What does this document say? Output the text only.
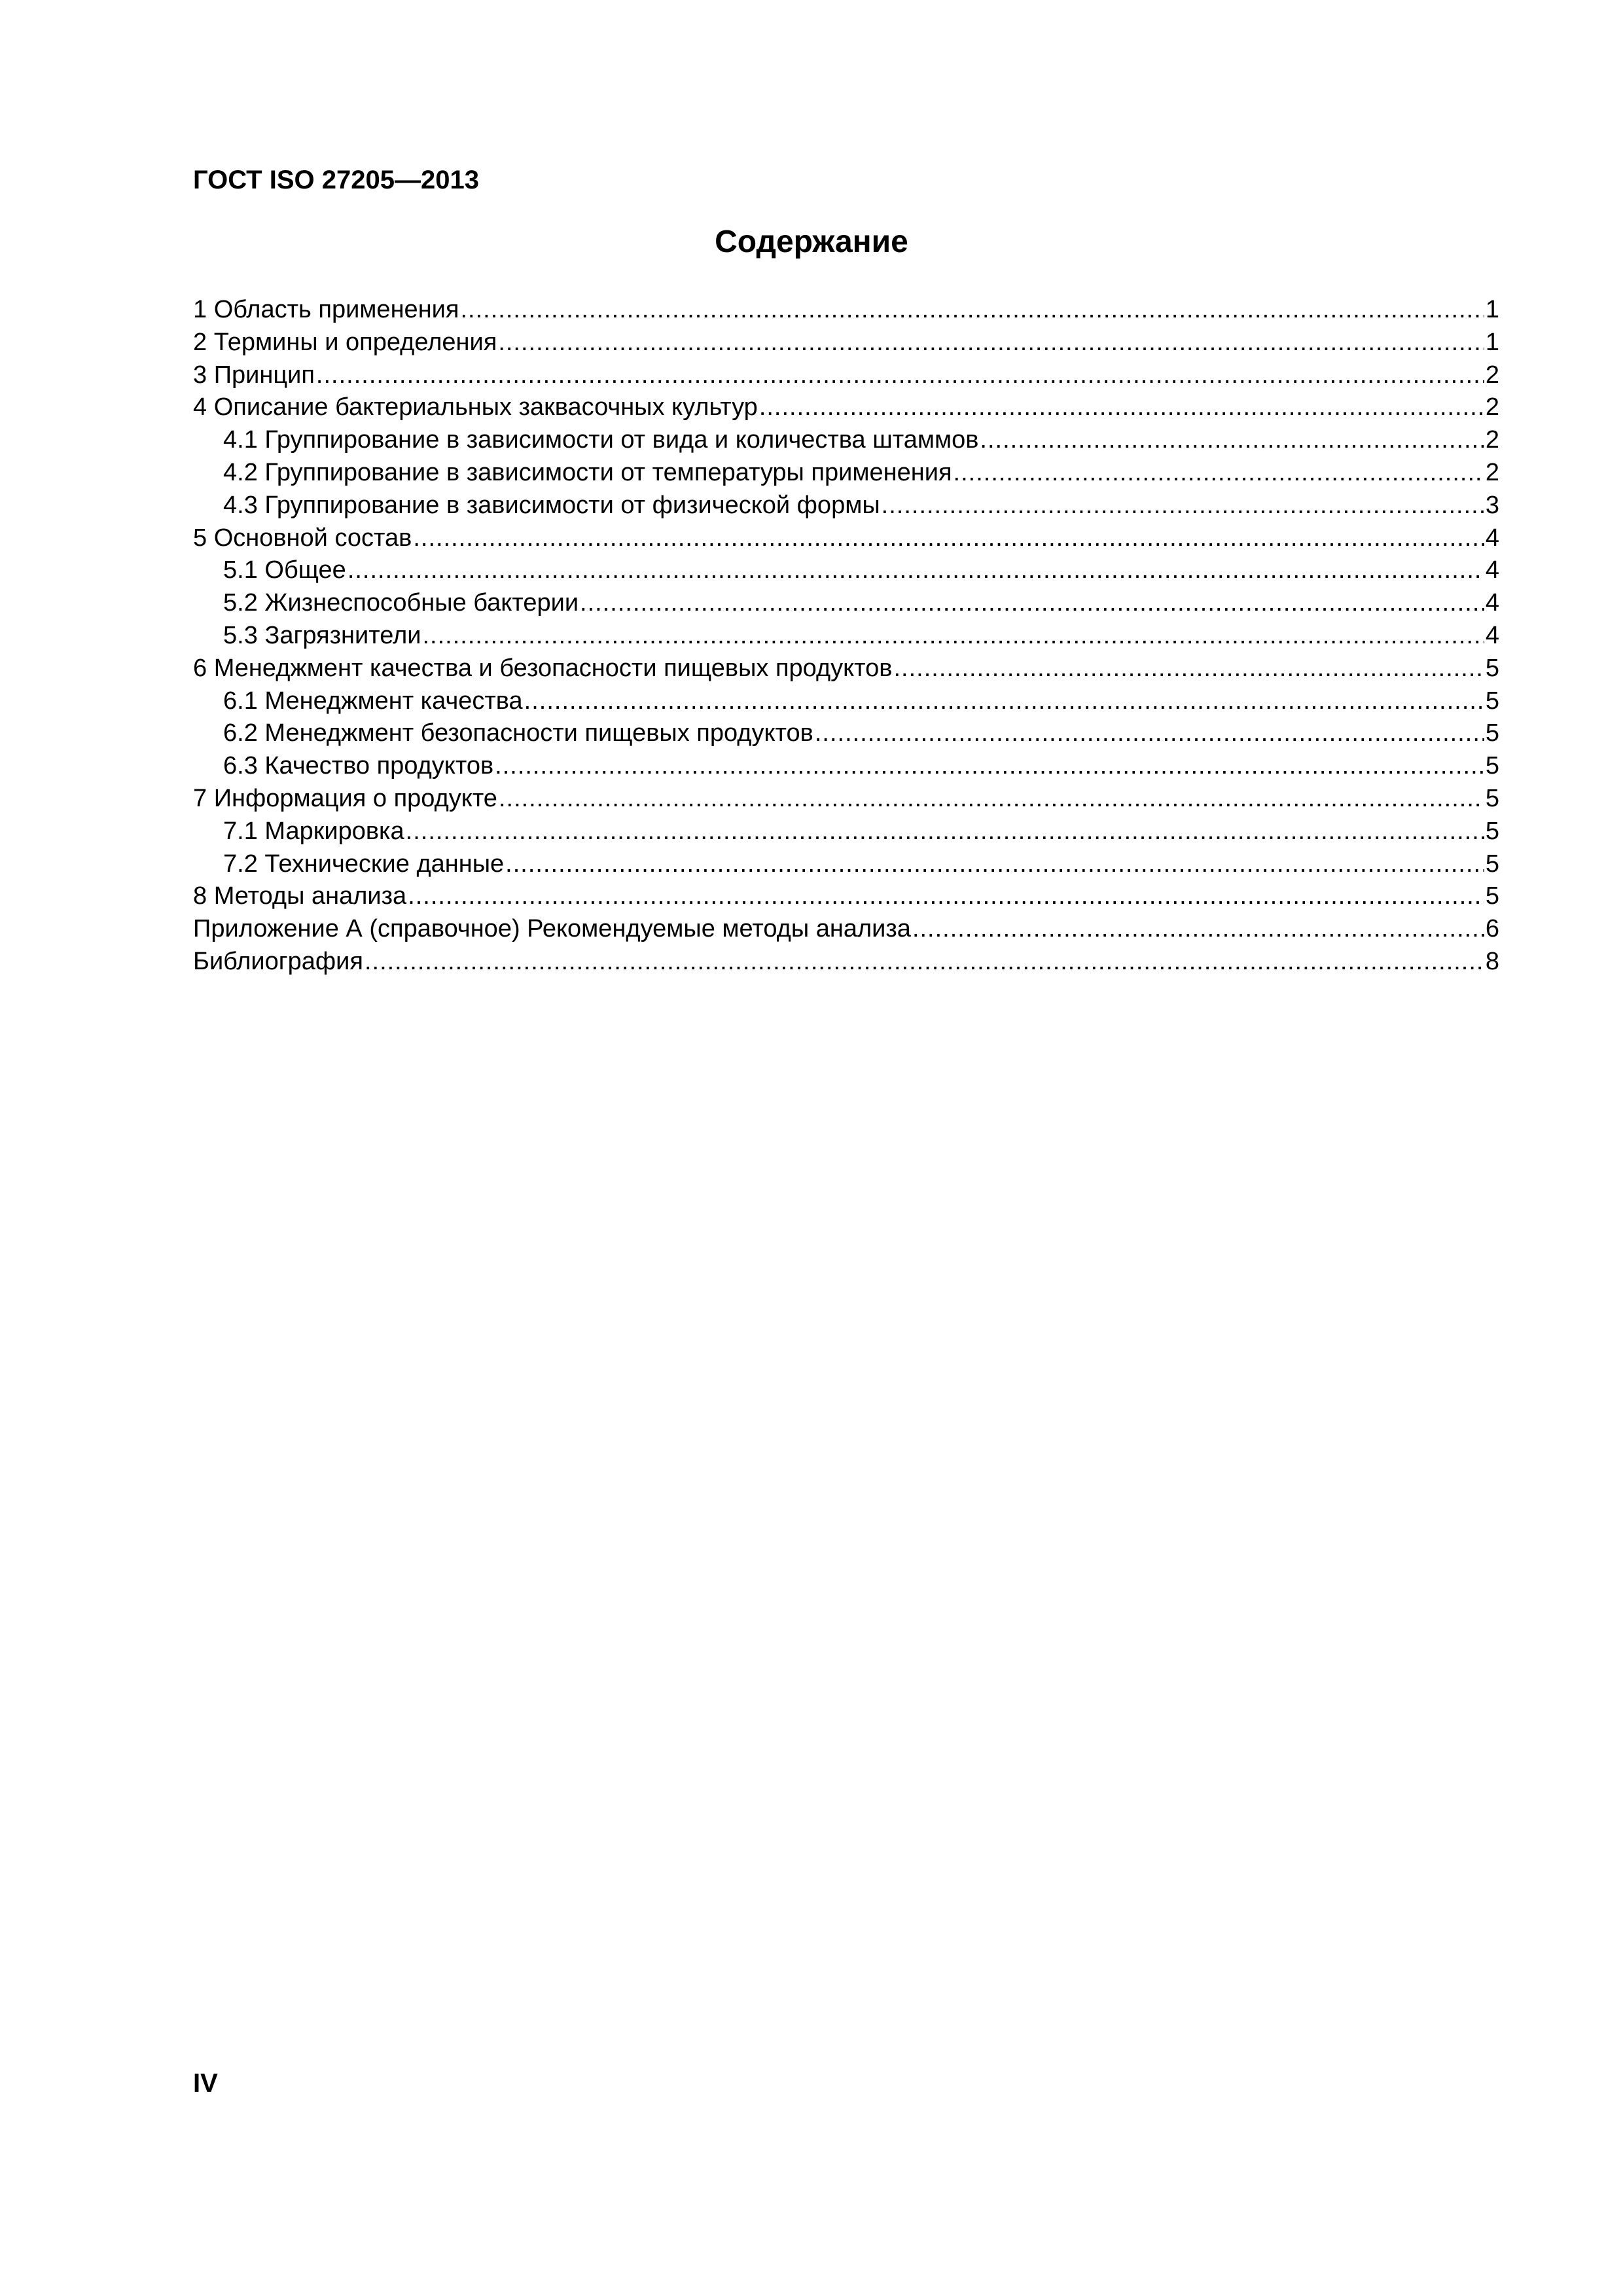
ГОСТ ISO 27205—2013
Содержание
1 Область применения .....	1
2 Термины и определения .....	1
3 Принцип .....	2
4 Описание бактериальных заквасочных культур .....	2
4.1 Группирование в зависимости от вида и количества штаммов .....	2
4.2 Группирование в зависимости от температуры применения .....	2
4.3 Группирование в зависимости от физической формы .....	3
5 Основной состав .....	4
5.1 Общее .....	4
5.2 Жизнеспособные бактерии .....	4
5.3 Загрязнители .....	4
6 Менеджмент качества и безопасности пищевых продуктов .....	5
6.1 Менеджмент качества .....	5
6.2 Менеджмент безопасности пищевых продуктов .....	5
6.3 Качество продуктов .....	5
7 Информация о продукте .....	5
7.1 Маркировка .....	5
7.2 Технические данные .....	5
8 Методы анализа .....	5
Приложение А (справочное) Рекомендуемые методы анализа .....	6
Библиография .....	8
IV
